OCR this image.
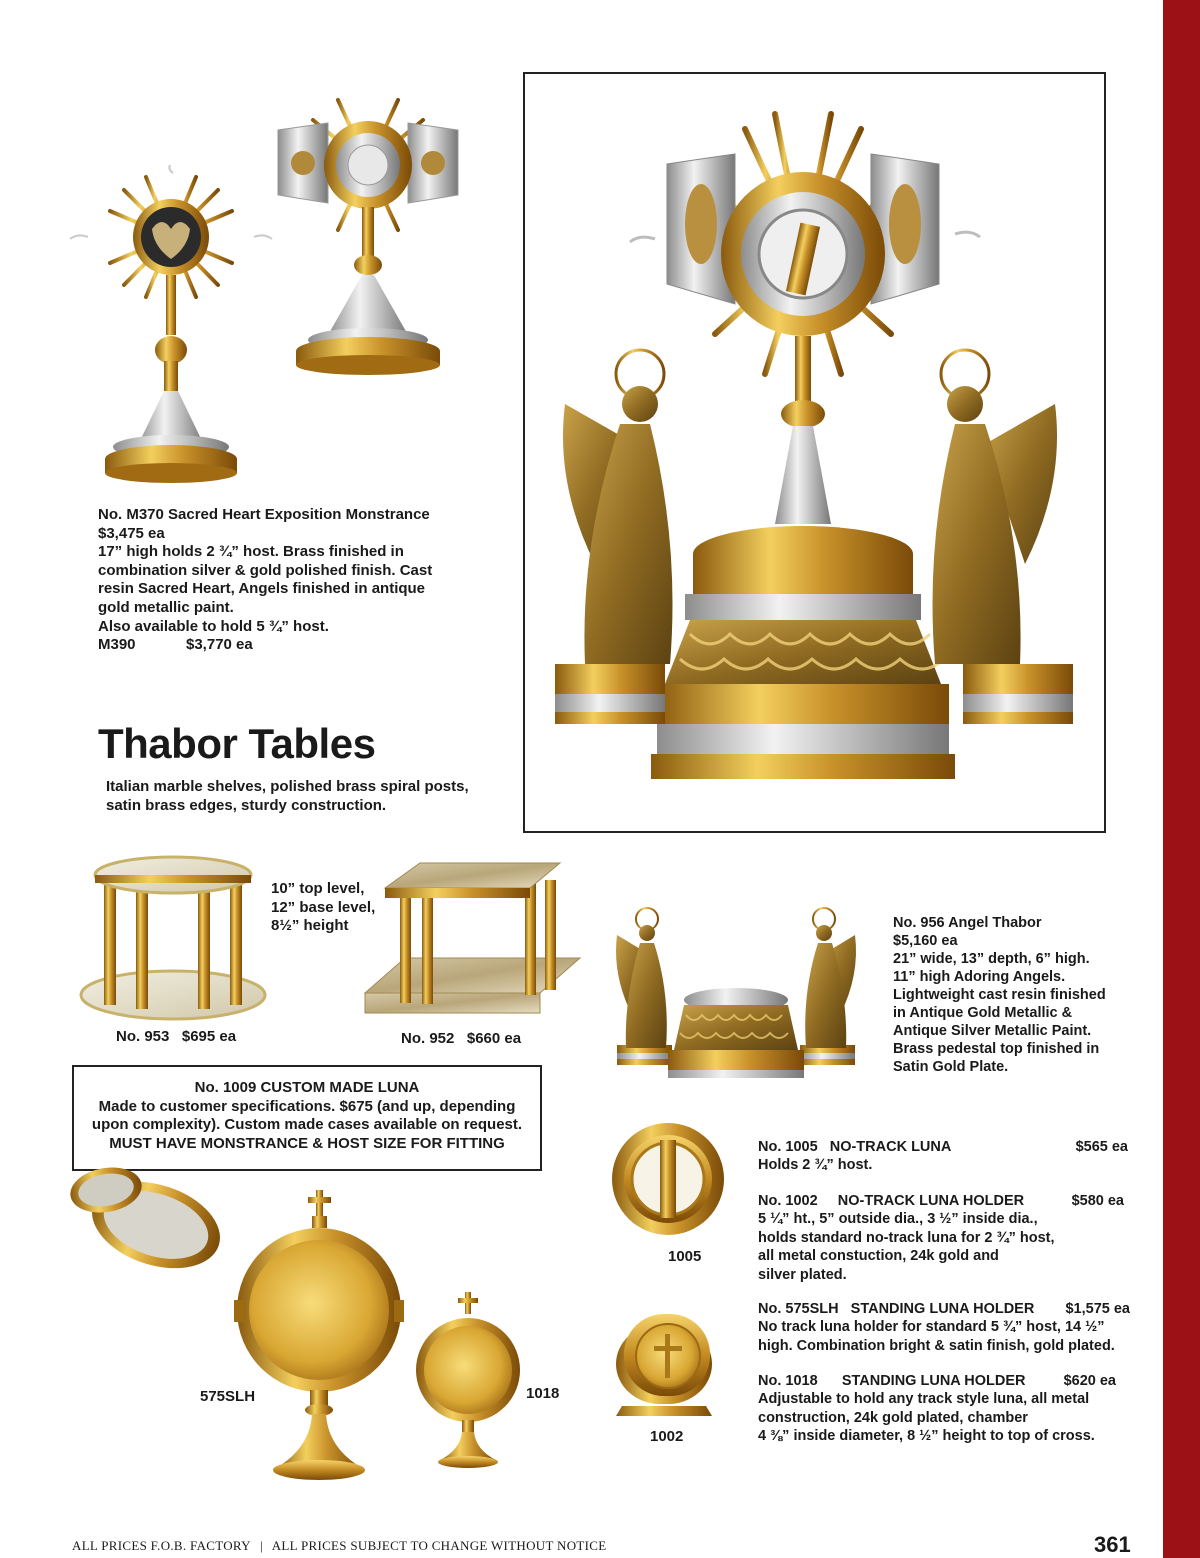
No. M370 Sacred Heart Exposition Monstrance
$3,475 ea
17” high holds 2 ¾” host. Brass finished in
combination silver & gold polished finish. Cast
resin Sacred Heart, Angels finished in antique
gold metallic paint.
Also available to hold 5 ¾” host.
M390	$3,770 ea
Thabor Tables
Italian marble shelves, polished brass spiral posts,
satin brass edges, sturdy construction.
10” top level,
12” base level,
8½” height
No. 953   $695 ea	No. 952   $660 ea
No. 956 Angel Thabor
$5,160 ea
21” wide, 13” depth, 6” high.
11” high Adoring Angels.
Lightweight cast resin finished
in Antique Gold Metallic &
Antique Silver Metallic Paint.
Brass pedestal top finished in
Satin Gold Plate.
No. 1009 CUSTOM MADE LUNA
Made to customer specifications. $675 (and up, depending
upon complexity). Custom made cases available on request.
MUST HAVE MONSTRANCE & HOST SIZE FOR FITTING
575SLH	1018
1005
1002
No. 1005   NO-TRACK LUNA	$565 ea
Holds 2 ¾” host.
No. 1002     NO-TRACK LUNA HOLDER	$580 ea
5 ¼” ht., 5” outside dia., 3 ½” inside dia.,
holds standard no-track luna for 2 ¾” host,
all metal constuction, 24k gold and
silver plated.
No. 575SLH   STANDING LUNA HOLDER $1,575 ea
No track luna holder for standard 5 ¾” host, 14 ½”
high. Combination bright & satin finish, gold plated.
No. 1018      STANDING LUNA HOLDER	$620 ea
Adjustable to hold any track style luna, all metal
construction, 24k gold plated, chamber
4 ⅜” inside diameter, 8 ½” height to top of cross.
ALL PRICES F.O.B. FACTORY | ALL PRICES SUBJECT TO CHANGE WITHOUT NOTICE	361
